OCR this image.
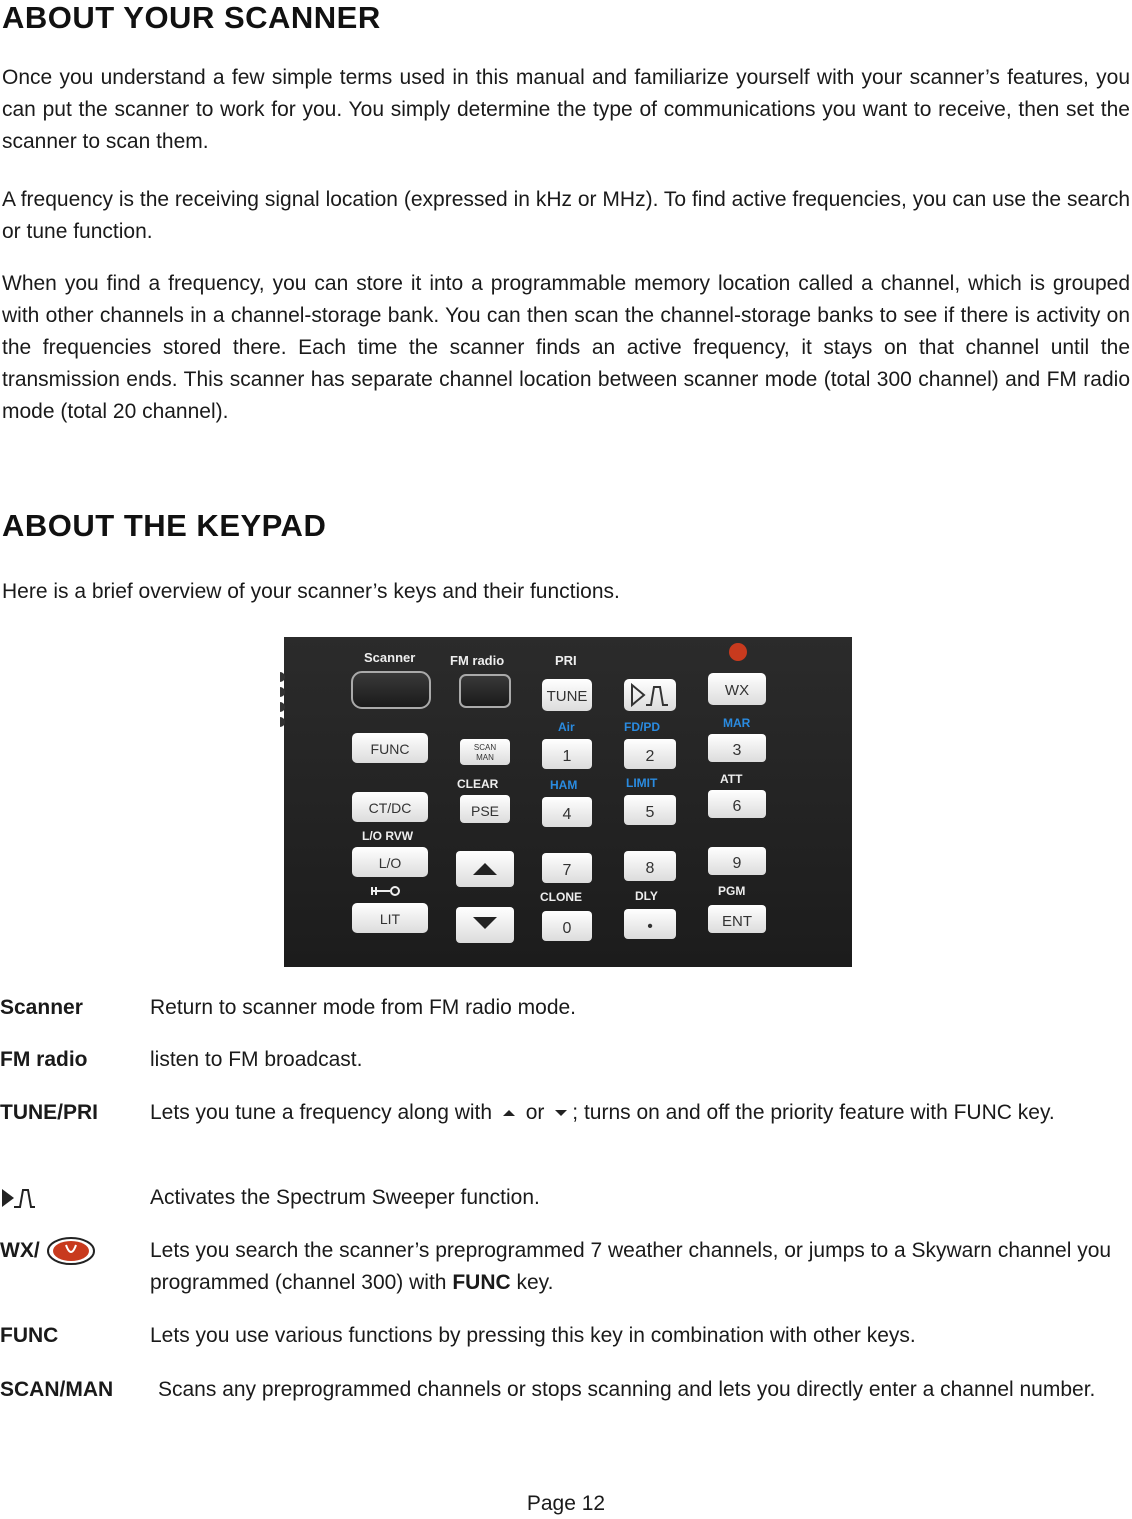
ABOUT YOUR SCANNER

Once you understand a few simple terms used in this manual and familiarize yourself with your scanner’s features, you can put the scanner to work for you. You simply determine the type of communications you want to receive, then set the scanner to scan them.

A frequency is the receiving signal location (expressed in kHz or MHz). To find active frequencies, you can use the search or tune function.

When you find a frequency, you can store it into a programmable memory location called a channel, which is grouped with other channels in a channel-storage bank. You can then scan the channel-storage banks to see if there is activity on the frequencies stored there. Each time the scanner finds an active frequency, it stays on that channel until the transmission ends. This scanner has separate channel location between scanner mode (total 300 channel) and FM radio mode (total 20 channel).

ABOUT THE KEYPAD

Here is a brief overview of your scanner’s keys and their functions.

Scanner	FM radio	PRI
TUNE	WX
Air	FD/PD	MAR
FUNC	SCAN
MAN	1	2	3
CLEAR	HAM	LIMIT	ATT
CT/DC	PSE	4	5	6
L/O RVW
L/O	7	8	9
CLONE	DLY	PGM
LIT
0	•	ENT
Scanner	Return to scanner mode from FM radio mode.
FM radio	listen to FM broadcast.
TUNE/PRI Lets you tune a frequency along with or ; turns on and off the priority feature with FUNC key.
Activates the Spectrum Sweeper function.
WX/	Lets you search the scanner’s preprogrammed 7 weather channels, or jumps to a Skywarn channel you programmed (channel 300) with FUNC key.
FUNC	Lets you use various functions by pressing this key in combination with other keys.
SCAN/MAN	Scans any preprogrammed channels or stops scanning and lets you directly enter a channel number.
Page 12
